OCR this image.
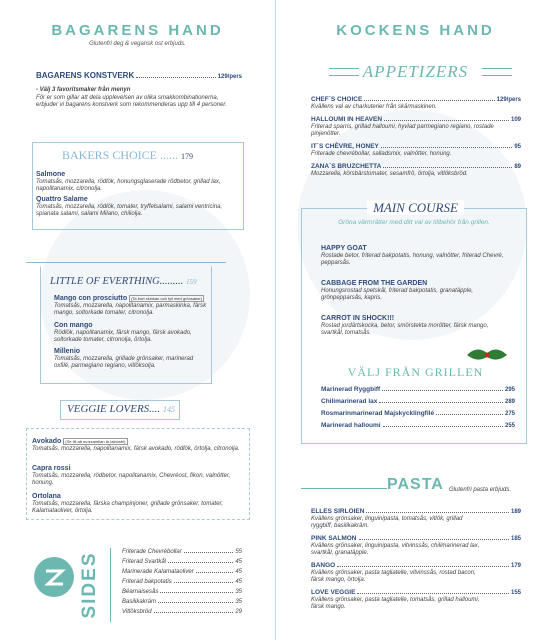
BAGARENS HAND
Glutenfri deg & vegansk ost erbjuds.
BAGARENS KONSTVERK	129/pers
- Välj 3 favoritsmaker från menyn
För er som gillar att dela upplevelsen av olika smakkombinationerna, erbjuder vi bagarens konstverk som rekommenderas upp till 4 personer.
BAKERS CHOICE ...... 179
Salmone
Tomatsås, mozzarella, rödlök, honungsglaserade rödbetor, grillad lax, napolitanamix, citronolja.
Quattro Salame
Tomatsås, mozzarella, rödlök, tomater, tryffelsalami, salami ventricina, spianata salami, salami Milano, chiliolja.
LITTLE OF EVERTHING......... 159
Mango con prosciutto (Ta bort skinkan och fyll med grönsaker)
Tomatsås, mozzarella, napolitanamix, parmaskinka, färsk mango, soltorkade tomater, citronolja.
Con mango
Rödlök, napolitanamix, färsk mango, färsk avokado, soltorkade tomater, citronolja, örtolja.
Millenio
Tomatsås, mozzarella, grillade grönsaker, marinerad oxfilé, parmegiano regiano, vitlöksolja.
VEGGIE LOVERS.... 145
Avokado (Se till att mozzarellan är laktosfri)
Tomatsås, mozzarella, napolitanamix, färsk avokado, rödlök, örtolja, citronolja.
Capra rossi
Tomatsås, mozzarella, rödbetor, napolitanamix, Chevréost, fikon, valnötter, honung.
Ortolana
Tomatsås, mozzarella, färska champinjoner, grillade grönsaker, tomater, Kalamataoliver, örtolja.
SIDES	Friterade Chevrébollar	55
Friterad Svartkål	45
Marinerade Kalamataoliver	45
Friterad bakpotatis	45
Béarnaisesås	35
Basilikakräm	35
Vitlöksbröd	29
KOCKENS HAND
APPETIZERS
CHEF´S CHOICE	129/pers
Kvällens val av charkuterier från skärmaskinen.
HALLOUMI IN HEAVEN	109
Friterad sparris, grillad halloumi, hyvlad parmegiano regiano, rostade pinjenötter.
IT´S CHÈVRE, HONEY	95
Friterade chevrébollar, salladsmix, valnötter, honung.
ZANA´S BRUZCHETTA	89
Mozzarella, körsbärstomater, sesamfrö, örtolja, vitlöksbröd.
MAIN COURSE
Gröna värmrätter med ditt val av tillbehör från grillen.
HAPPY GOAT
Rostade betor, friterad bakpotatis, honung, valnötter, friterad Chevré, pepparsås.
CABBAGE FROM THE GARDEN
Honungsrostad spetskål, friterad bakpotatis, granatäpple, grönpepparsås, kapris.
CARROT IN SHOCK!!!
Rostad jordärtskocka, betor, smörstekta morötter, färsk mango, svartkål, tomatsås.
VÄLJ FRÅN GRILLEN
Marinerad Ryggbiff	295
Chilimarinerad lax	289
Rosmarinmarinerad Majskycklingfilé	275
Marinerad halloumi	255
PASTA Glutenfri pasta erbjuds.
ELLES SIRLOIEN	189
Kvällens grönsaker, linguinipasta, tomatsås, vitlök, grillad ryggbiff, basilikakräm.
PINK SALMON	185
Kvällens grönsaker, linguinipasta, vitvinssås, chilimarinerad lax, svartkål, granatäpple.
BANGO	179
Kvällens grönsaker, pasta tagliatelle, vitvinssås, rostad bacon, färsk mango, örtolja.
LOVE VEGGIE	155
Kvällens grönsaker, pasta tagliatelle, tomatsås, grillad halloumi, färsk mango.
